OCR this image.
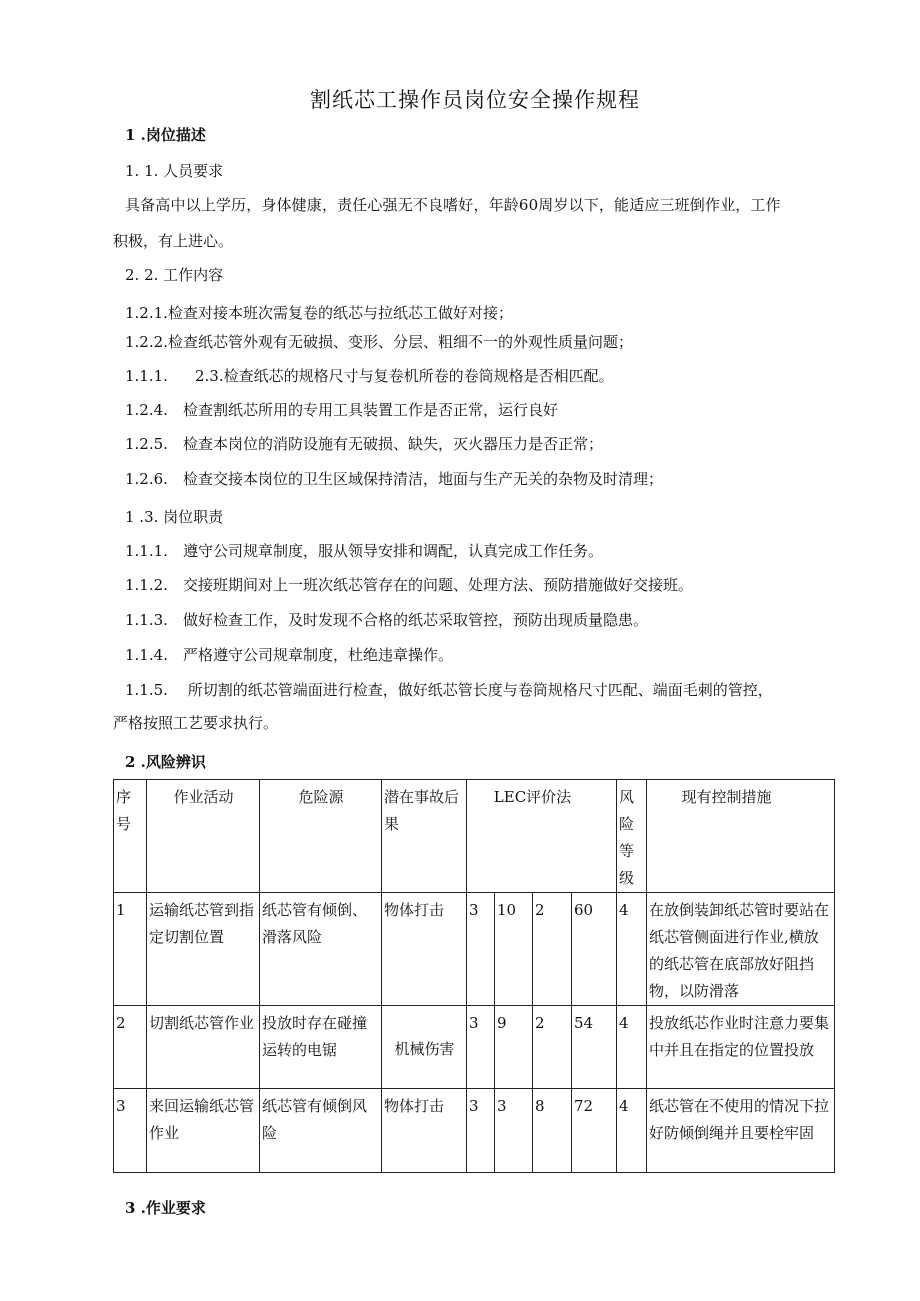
割纸芯工操作员岗位安全操作规程
1 .岗位描述
1. 1. 人员要求
具备高中以上学历，身体健康，责任心强无不良嗜好，年龄60周岁以下，能适应三班倒作业，工作
积极，有上进心。
2. 2. 工作内容
1.2.1.检查对接本班次需复卷的纸芯与拉纸芯工做好对接；
1.2.2.检查纸芯管外观有无破损、变形、分层、粗细不一的外观性质量问题；
1.1.1. 2.3.检查纸芯的规格尺寸与复卷机所卷的卷筒规格是否相匹配。
1.2.4. 检查割纸芯所用的专用工具装置工作是否正常，运行良好
1.2.5. 检查本岗位的消防设施有无破损、缺失，灭火器压力是否正常；
1.2.6. 检查交接本岗位的卫生区域保持清洁，地面与生产无关的杂物及时清理；
1 .3. 岗位职责
1.1.1. 遵守公司规章制度，服从领导安排和调配，认真完成工作任务。
1.1.2. 交接班期间对上一班次纸芯管存在的问题、处理方法、预防措施做好交接班。
1.1.3. 做好检查工作，及时发现不合格的纸芯采取管控，预防出现质量隐患。
1.1.4. 严格遵守公司规章制度，杜绝违章操作。
1.1.5. 所切割的纸芯管端面进行检查，做好纸芯管长度与卷筒规格尺寸匹配、端面毛刺的管控，
严格按照工艺要求执行。
2 .风险辨识
序号	作业活动	危险源	潜在事故后果	LEC评价法				风险等级	现有控制措施
1	运输纸芯管到指定切割位置	纸芯管有倾倒、滑落风险	物体打击	3	10	2	60	4	在放倒装卸纸芯管时要站在纸芯管侧面进行作业,横放的纸芯管在底部放好阻挡物，以防滑落
2	切割纸芯管作业	投放时存在碰撞运转的电锯	机械伤害	3	9	2	54	4	投放纸芯作业时注意力要集中并且在指定的位置投放
3	来回运输纸芯管作业	纸芯管有倾倒风险	物体打击	3	3	8	72	4	纸芯管在不使用的情况下拉好防倾倒绳并且要栓牢固
3 .作业要求
